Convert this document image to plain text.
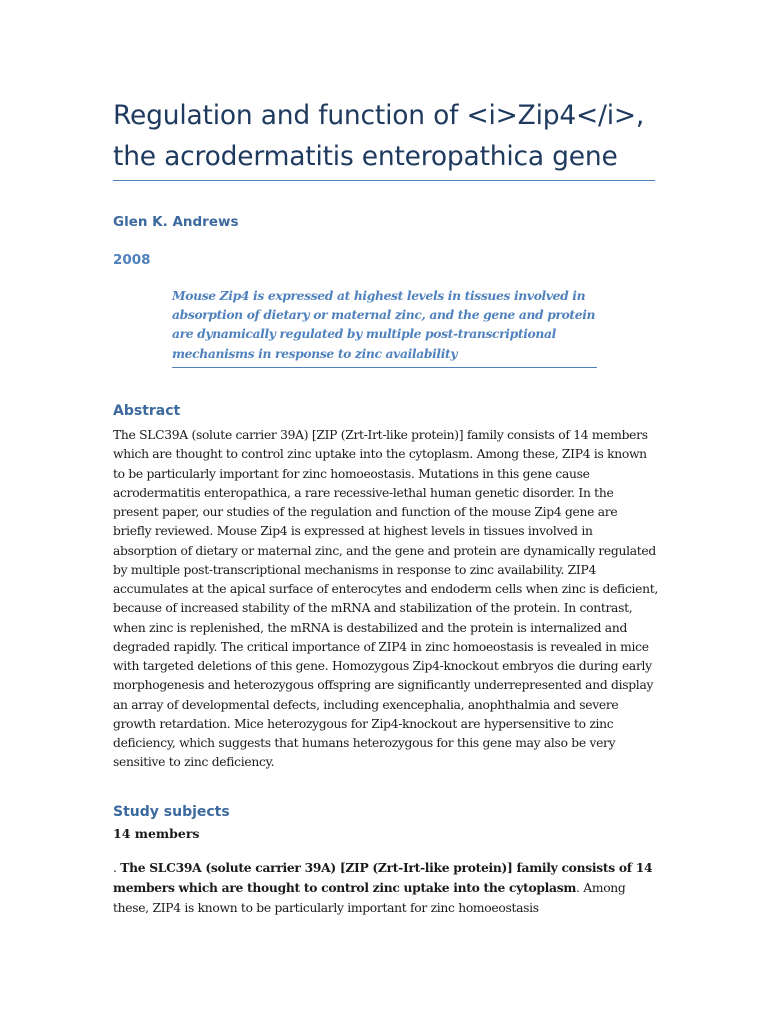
Regulation and function of <i>Zip4</i>, the acrodermatitis enteropathica gene
Glen K. Andrews
2008
Mouse Zip4 is expressed at highest levels in tissues involved in absorption of dietary or maternal zinc, and the gene and protein are dynamically regulated by multiple post-transcriptional mechanisms in response to zinc availability
Abstract

The SLC39A (solute carrier 39A) [ZIP (Zrt-Irt-like protein)] family consists of 14 members which are thought to control zinc uptake into the cytoplasm. Among these, ZIP4 is known to be particularly important for zinc homoeostasis. Mutations in this gene cause acrodermatitis enteropathica, a rare recessive-lethal human genetic disorder. In the present paper, our studies of the regulation and function of the mouse Zip4 gene are briefly reviewed. Mouse Zip4 is expressed at highest levels in tissues involved in absorption of dietary or maternal zinc, and the gene and protein are dynamically regulated by multiple post-transcriptional mechanisms in response to zinc availability. ZIP4 accumulates at the apical surface of enterocytes and endoderm cells when zinc is deficient, because of increased stability of the mRNA and stabilization of the protein. In contrast, when zinc is replenished, the mRNA is destabilized and the protein is internalized and degraded rapidly. The critical importance of ZIP4 in zinc homoeostasis is revealed in mice with targeted deletions of this gene. Homozygous Zip4-knockout embryos die during early morphogenesis and heterozygous offspring are significantly underrepresented and display an array of developmental defects, including exencephalia, anophthalmia and severe growth retardation. Mice heterozygous for Zip4-knockout are hypersensitive to zinc deficiency, which suggests that humans heterozygous for this gene may also be very sensitive to zinc deficiency.

Study subjects

14 members

. The SLC39A (solute carrier 39A) [ZIP (Zrt-Irt-like protein)] family consists of 14 members which are thought to control zinc uptake into the cytoplasm. Among these, ZIP4 is known to be particularly important for zinc homoeostasis
